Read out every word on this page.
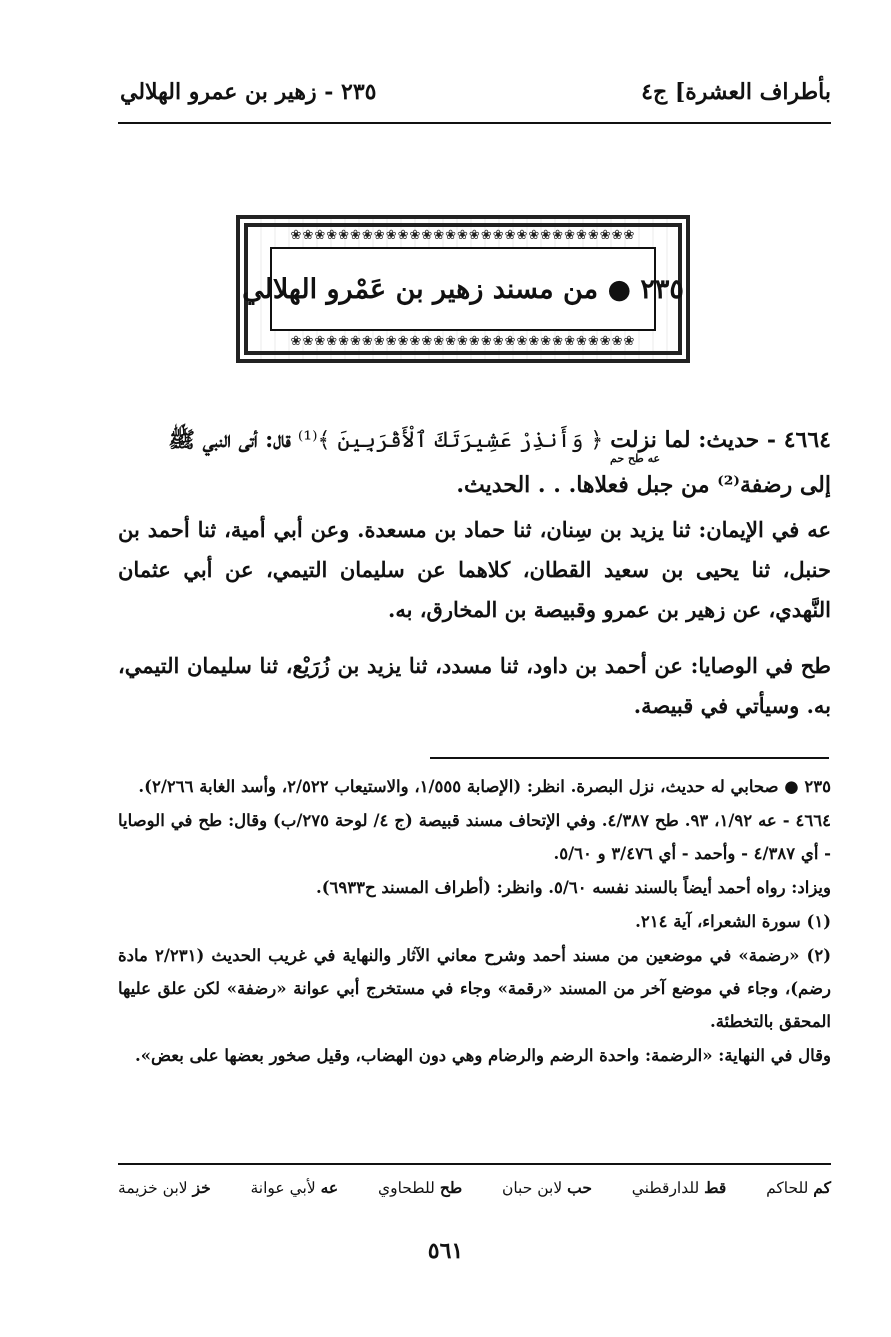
بأطراف العشرة] ج٤
٢٣٥ - زهير بن عمرو الهلالي
❀❀❀❀❀❀❀❀❀❀❀❀❀❀❀❀❀❀❀❀❀❀❀❀❀❀❀❀❀
❀❀❀❀❀❀❀❀❀❀❀❀❀❀❀❀❀❀❀❀❀❀❀❀❀❀❀❀❀
٢٣٥ ● من مسند زهير بن عَمْرو الهلالي
٤٦٦٤ - حديث: لما نزلت ﴿ وَأَنذِرْ عَشِيرَتَكَ ٱلْأَقْرَبِينَ ﴾⁽¹⁾ قال: أتى النبي ﷺ
إلى رضفة⁽²⁾ من جبل فعلاها. . . الحديث.
عه طح حم
عه في الإيمان: ثنا يزيد بن سِنان، ثنا حماد بن مسعدة. وعن أبي أمية، ثنا أحمد بن حنبل، ثنا يحيى بن سعيد القطان، كلاهما عن سليمان التيمي، عن أبي عثمان النَّهدي، عن زهير بن عمرو وقبيصة بن المخارق، به.
طح في الوصايا: عن أحمد بن داود، ثنا مسدد، ثنا يزيد بن زُرَيْع، ثنا سليمان التيمي، به. وسيأتي في قبيصة.

٢٣٥ ● صحابي له حديث، نزل البصرة. انظر: (الإصابة ١/٥٥٥، والاستيعاب ٢/٥٢٢، وأسد الغابة ٢/٢٦٦).

٤٦٦٤ - عه ١/٩٢، ٩٣. طح ٤/٣٨٧. وفي الإتحاف مسند قبيصة (ج ٤/ لوحة ٢٧٥/ب) وقال: طح في الوصايا - أي ٤/٣٨٧ - وأحمد - أي ٣/٤٧٦ و ٥/٦٠.

ويزاد: رواه أحمد أيضاً بالسند نفسه ٥/٦٠. وانظر: (أطراف المسند ح٦٩٣٣).

(١) سورة الشعراء، آية ٢١٤.

(٢) «رضمة» في موضعين من مسند أحمد وشرح معاني الآثار والنهاية في غريب الحديث (٢/٢٣١ مادة رضم)، وجاء في موضع آخر من المسند «رقمة» وجاء في مستخرج أبي عوانة «رضفة» لكن علق عليها المحقق بالتخطئة.

وقال في النهاية: «الرضمة: واحدة الرضم والرضام وهي دون الهضاب، وقيل صخور بعضها على بعض».

خز لابن خزيمة	عه لأبي عوانة	طح للطحاوي	حب لابن حبان	قط للدارقطني	كم للحاكم
٥٦١
